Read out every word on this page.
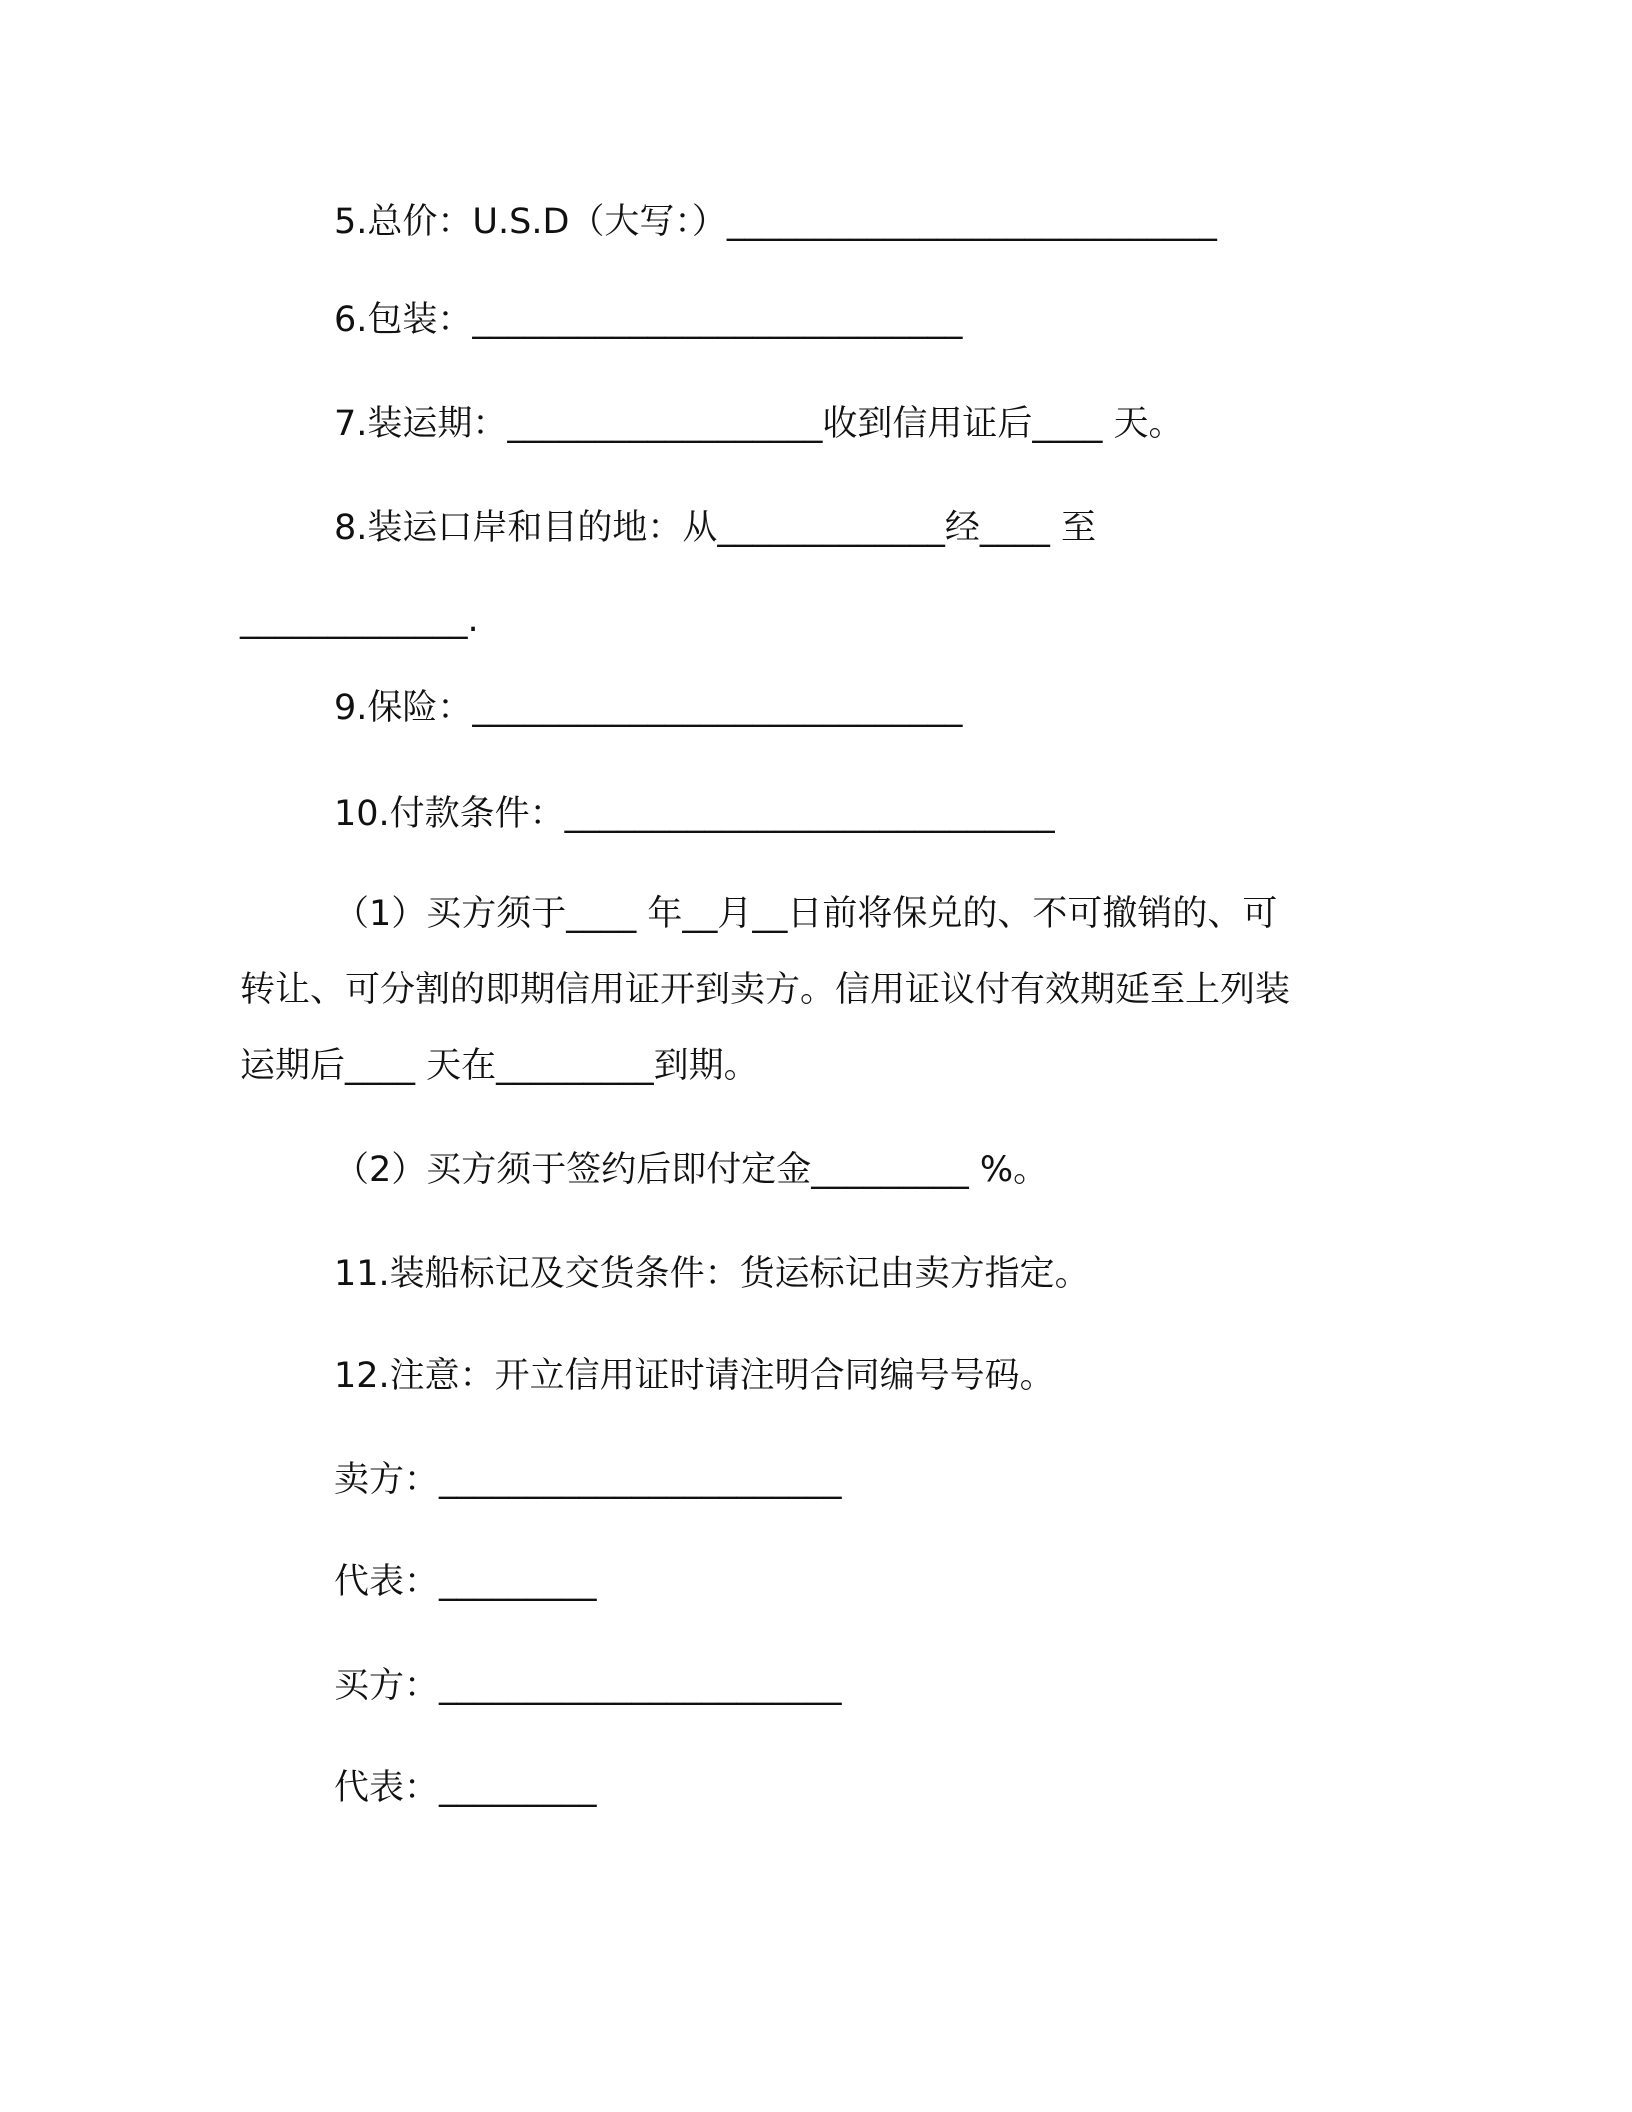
5.总价：U.S.D（大写：）____________________________
6.包装：____________________________
7.装运期：__________________收到信用证后____ 天。
8.装运口岸和目的地：从_____________经____ 至
_____________.
9.保险：____________________________
10.付款条件：____________________________
（1）买方须于____ 年__月__日前将保兑的、不可撤销的、可
转让、可分割的即期信用证开到卖方。信用证议付有效期延至上列装
运期后____ 天在_________到期。
（2）买方须于签约后即付定金_________ %。
11.装船标记及交货条件：货运标记由卖方指定。
12.注意：开立信用证时请注明合同编号号码。
卖方：_______________________
代表：_________
买方：_______________________
代表：_________
